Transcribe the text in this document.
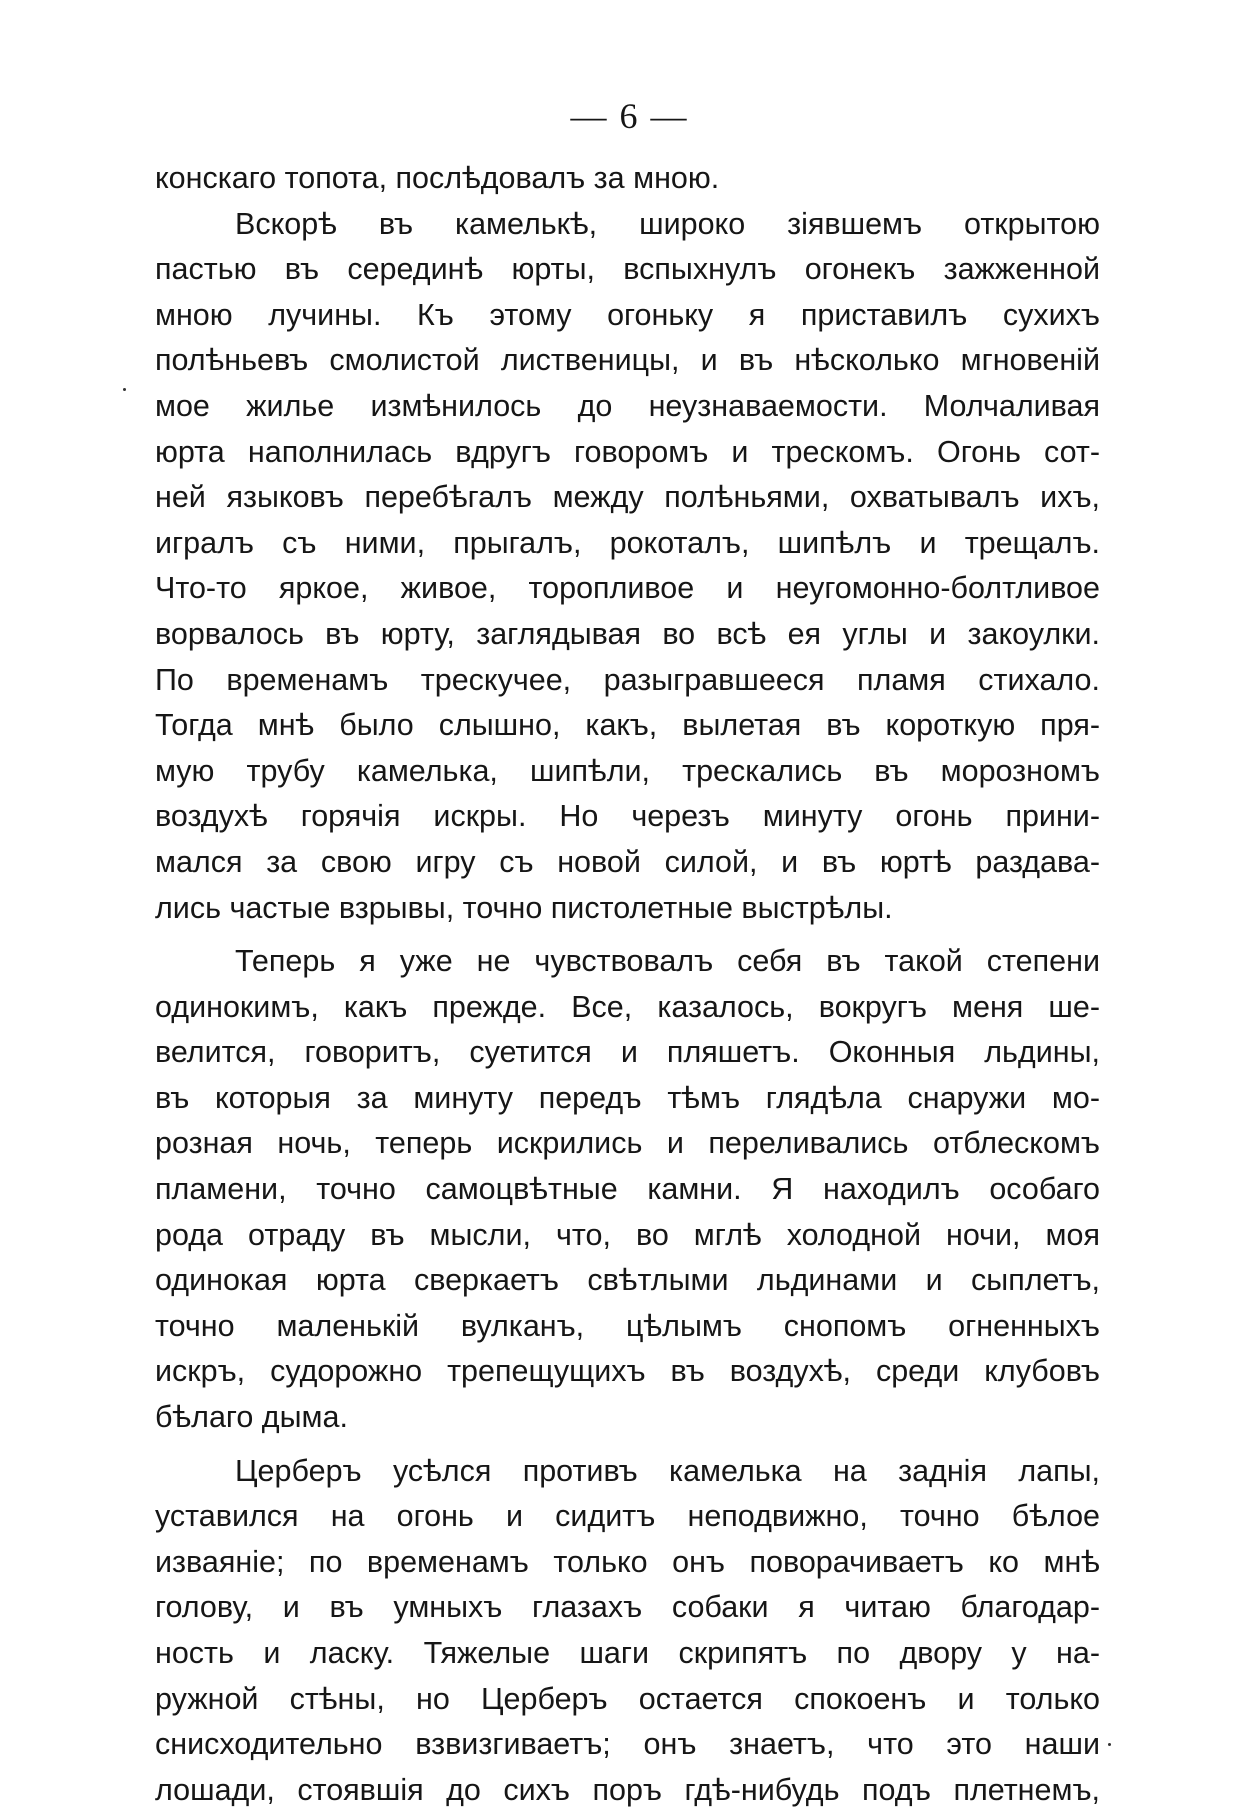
— 6 —
конскаго топота, послѣдовалъ за мною.
Вскорѣ въ камелькѣ, широко зіявшемъ открытою
пастью въ серединѣ юрты, вспыхнулъ огонекъ зажженной
мною лучины. Къ этому огоньку я приставилъ сухихъ
полѣньевъ смолистой лиственицы, и въ нѣсколько мгновеній
мое жилье измѣнилось до неузнаваемости. Молчаливая
юрта наполнилась вдругъ говоромъ и трескомъ. Огонь сот-
ней языковъ перебѣгалъ между полѣньями, охватывалъ ихъ,
игралъ съ ними, прыгалъ, рокоталъ, шипѣлъ и трещалъ.
Что-то яркое, живое, торопливое и неугомонно-болтливое
ворвалось въ юрту, заглядывая во всѣ ея углы и закоулки.
По временамъ трескучее, разыгравшееся пламя стихало.
Тогда мнѣ было слышно, какъ, вылетая въ короткую пря-
мую трубу камелька, шипѣли, трескались въ морозномъ
воздухѣ горячія искры. Но черезъ минуту огонь прини-
мался за свою игру съ новой силой, и въ юртѣ раздава-
лись частые взрывы, точно пистолетные выстрѣлы.
Теперь я уже не чувствовалъ себя въ такой степени
одинокимъ, какъ прежде. Все, казалось, вокругъ меня ше-
велится, говоритъ, суетится и пляшетъ. Оконныя льдины,
въ которыя за минуту передъ тѣмъ глядѣла снаружи мо-
розная ночь, теперь искрились и переливались отблескомъ
пламени, точно самоцвѣтные камни. Я находилъ особаго
рода отраду въ мысли, что, во мглѣ холодной ночи, моя
одинокая юрта сверкаетъ свѣтлыми льдинами и сыплетъ,
точно маленькій вулканъ, цѣлымъ снопомъ огненныхъ
искръ, судорожно трепещущихъ въ воздухѣ, среди клубовъ
бѣлаго дыма.
Церберъ усѣлся противъ камелька на заднія лапы,
уставился на огонь и сидитъ неподвижно, точно бѣлое
изваяніе; по временамъ только онъ поворачиваетъ ко мнѣ
голову, и въ умныхъ глазахъ собаки я читаю благодар-
ность и ласку. Тяжелые шаги скрипятъ по двору у на-
ружной стѣны, но Церберъ остается спокоенъ и только
снисходительно взвизгиваетъ; онъ знаетъ, что это наши
лошади, стоявшія до сихъ поръ гдѣ-нибудь подъ плетнемъ,
